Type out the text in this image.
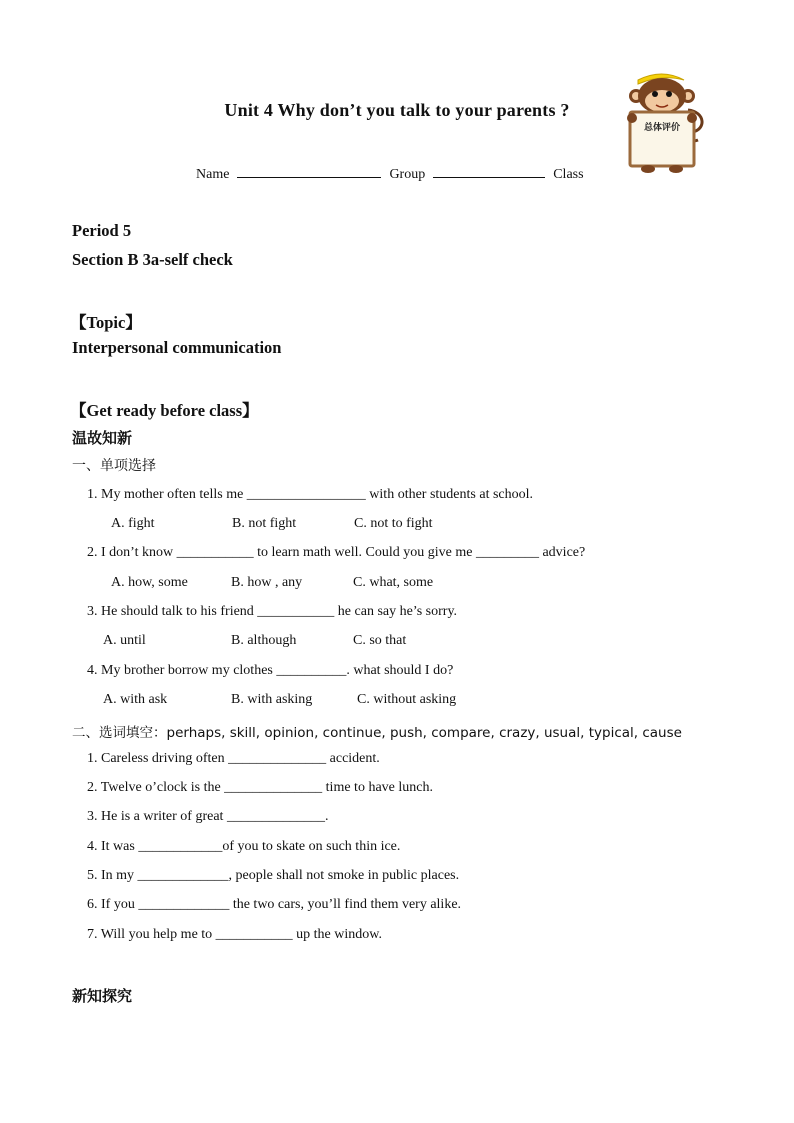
Unit 4 Why don’t you talk to your parents ?
总体评价
Name	Group	Class
Period 5
Section B 3a-self check
【Topic】
Interpersonal communication
【Get ready before class】
温故知新
一、单项选择
1. My mother often tells me _________________ with other students at school.
A. fight	B. not fight	C. not to fight
2. I don’t know ___________ to learn math well. Could you give me _________ advice?
A. how, some	B. how , any	C. what, some
3. He should talk to his friend ___________ he can say he’s sorry.
A. until	B. although	C. so that
4. My brother borrow my clothes __________. what should I do?
A. with ask	B. with asking	C. without asking
二、选词填空：perhaps, skill, opinion, continue, push, compare, crazy, usual, typical, cause
1. Careless driving often ______________ accident.
2. Twelve o’clock is the ______________ time to have lunch.
3. He is a writer of great ______________.
4. It was ____________of you to skate on such thin ice.
5. In my _____________, people shall not smoke in public places.
6. If you _____________ the two cars, you’ll find them very alike.
7. Will you help me to ___________ up the window.
新知探究
